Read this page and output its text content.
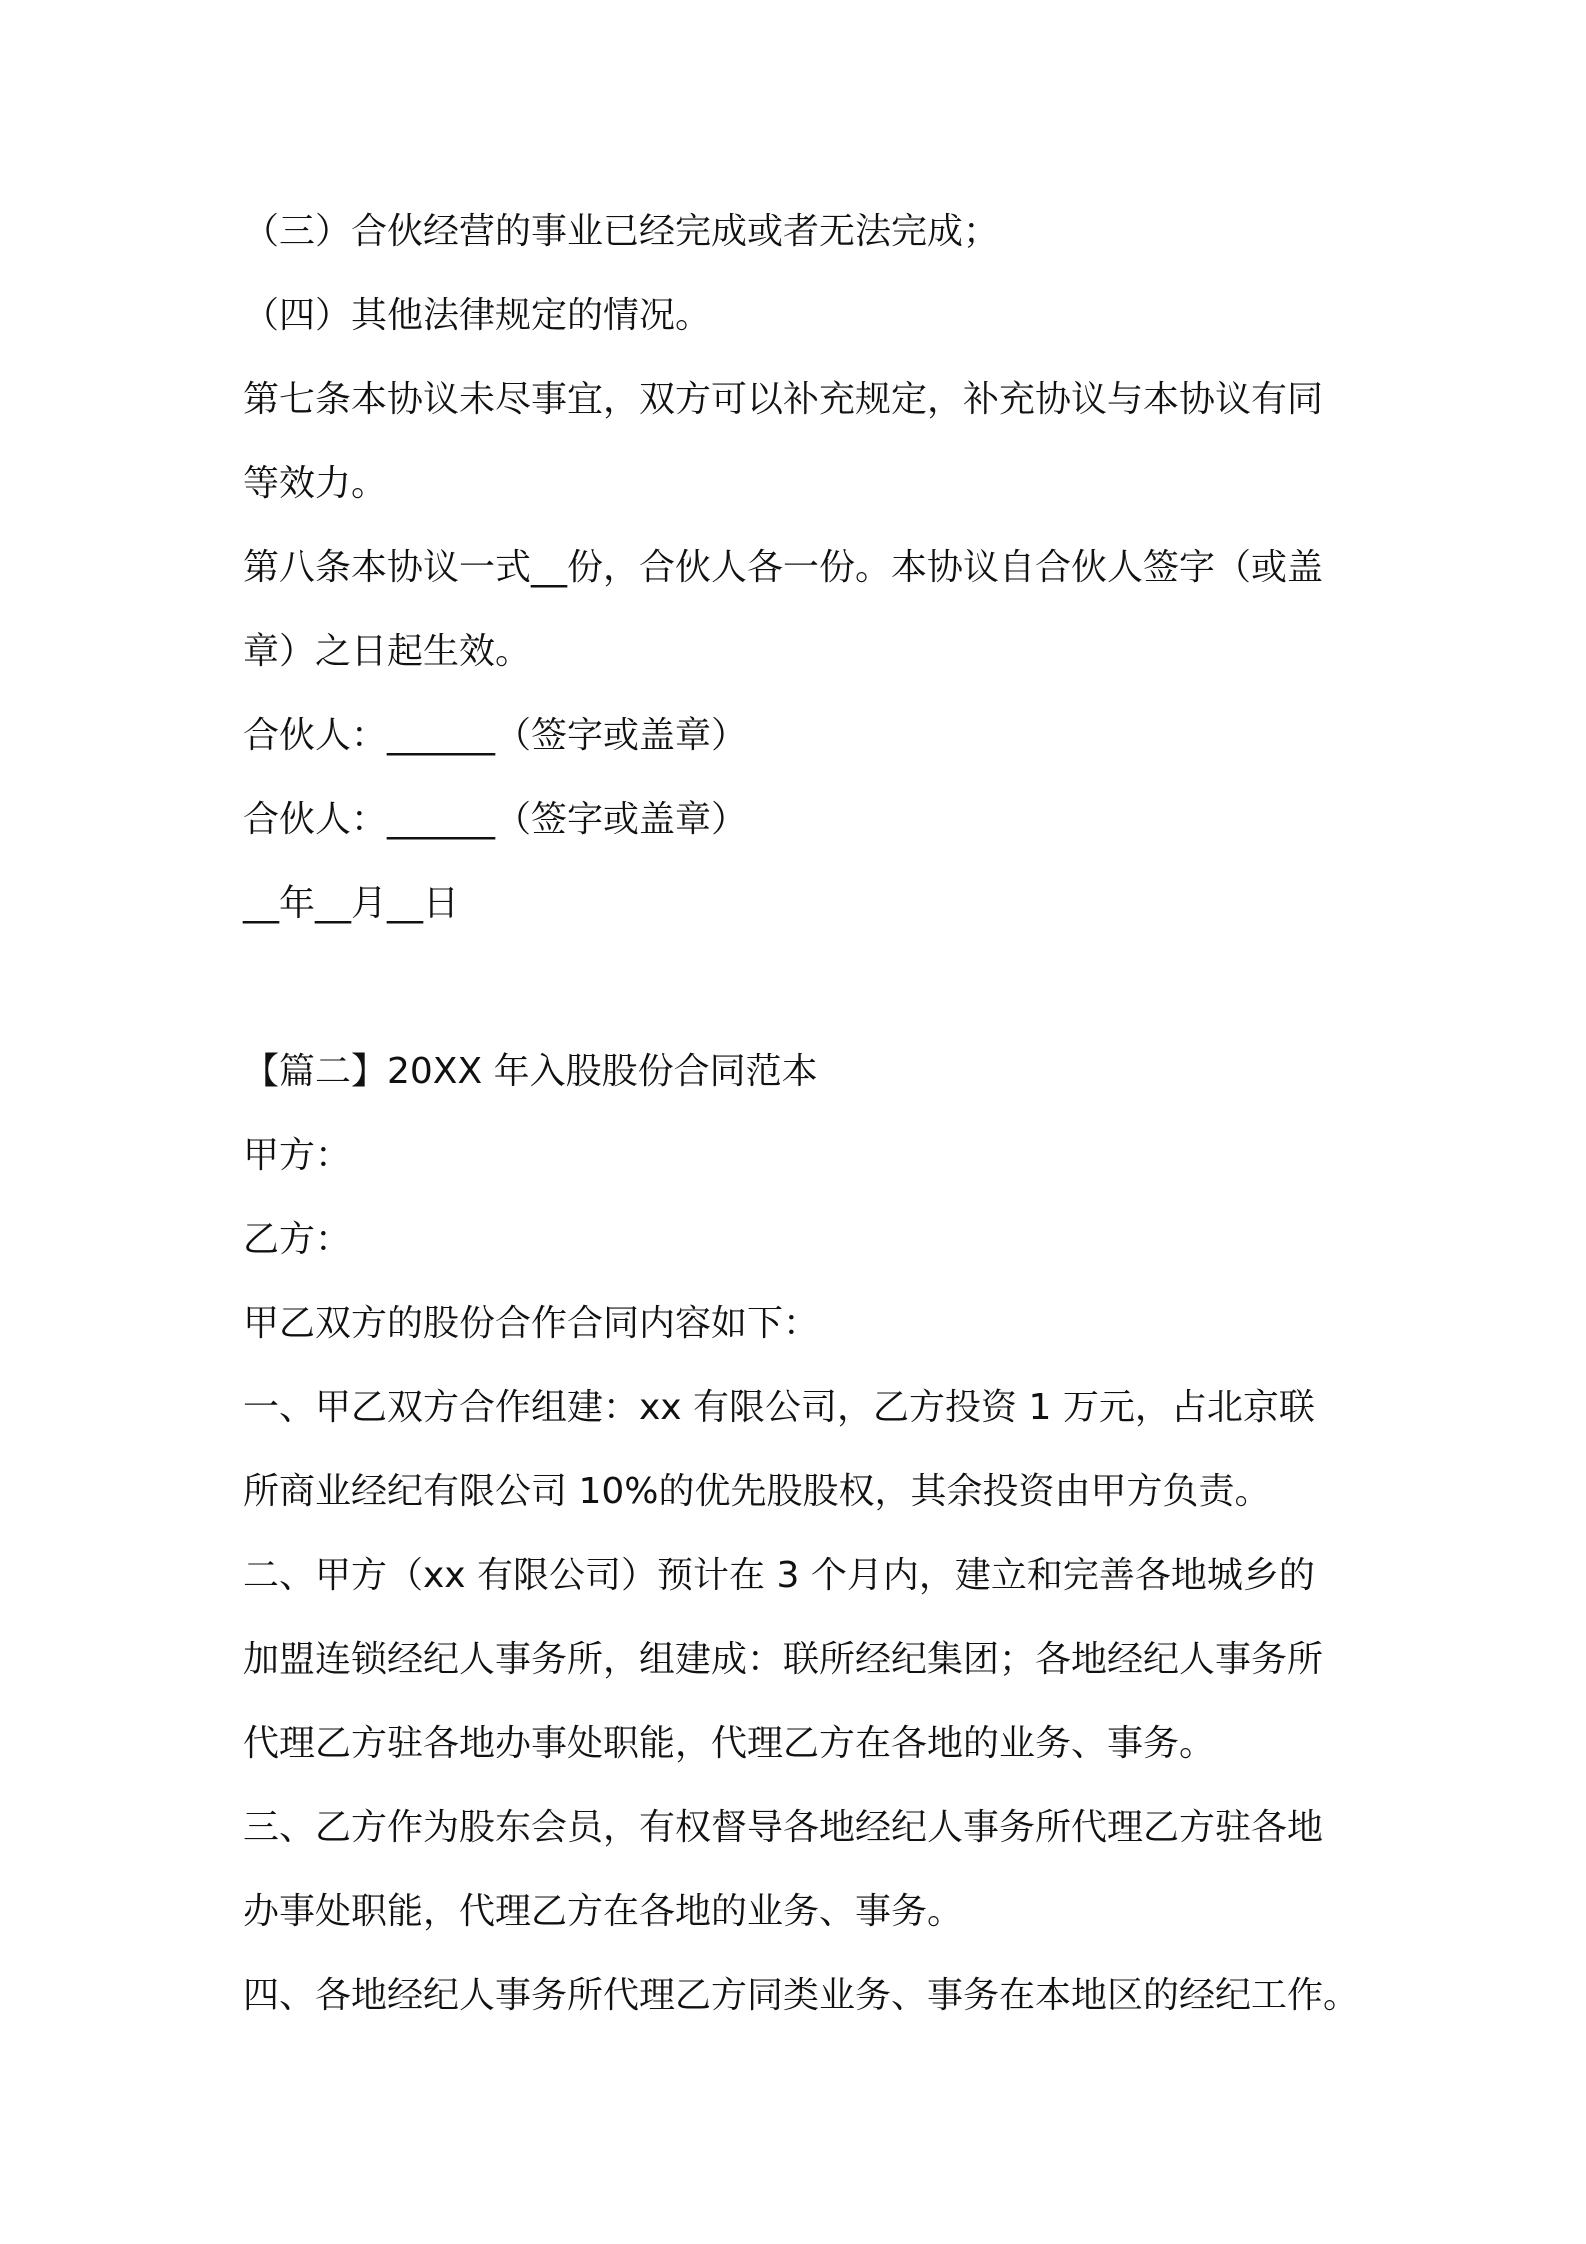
（三）合伙经营的事业已经完成或者无法完成；

（四）其他法律规定的情况。

第七条本协议未尽事宜，双方可以补充规定，补充协议与本协议有同

等效力。

第八条本协议一式__份，合伙人各一份。本协议自合伙人签字（或盖

章）之日起生效。

合伙人：______（签字或盖章）

合伙人：______（签字或盖章）

__年__月__日

【篇二】20XX 年入股股份合同范本

甲方：

乙方：

甲乙双方的股份合作合同内容如下：

一、甲乙双方合作组建：xx 有限公司，乙方投资 1 万元，占北京联

所商业经纪有限公司 10%的优先股股权，其余投资由甲方负责。

二、甲方（xx 有限公司）预计在 3 个月内，建立和完善各地城乡的

加盟连锁经纪人事务所，组建成：联所经纪集团；各地经纪人事务所

代理乙方驻各地办事处职能，代理乙方在各地的业务、事务。

三、乙方作为股东会员，有权督导各地经纪人事务所代理乙方驻各地

办事处职能，代理乙方在各地的业务、事务。

四、各地经纪人事务所代理乙方同类业务、事务在本地区的经纪工作。
